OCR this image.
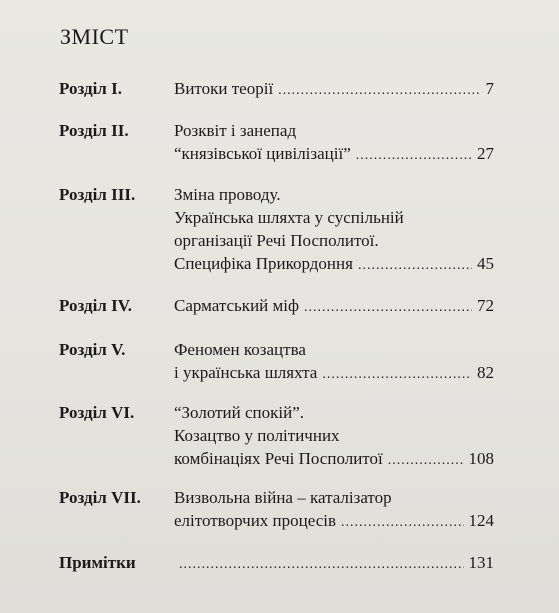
ЗМІСТ
Розділ I.	Витоки теорії .....	7
Розділ II.	Розквіт і занепад
“князівської цивілізації” .....	27
Розділ III. Зміна проводу.
Українська шляхта у суспільній
організації Речі Посполитої.
Специфіка Прикордоння .....	45
Розділ IV. Сарматський міф .....	72
Розділ V.	Феномен козацтва
і українська шляхта .....	82
Розділ VI. “Золотий спокій”.
Козацтво у політичних
комбінаціях Речі Посполитої .....	108
Розділ VII. Визвольна війна – каталізатор
елітотворчих процесів .....	124
Примітки .....	131
